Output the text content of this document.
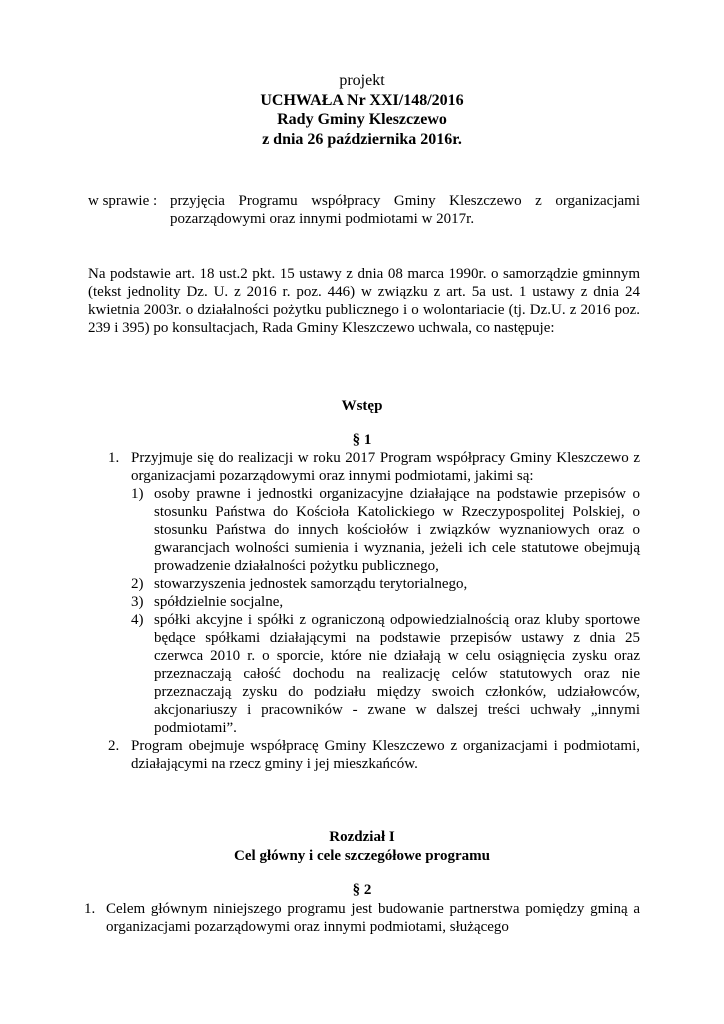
projekt
UCHWAŁA Nr XXI/148/2016
Rady Gminy Kleszczewo
z dnia 26 października 2016r.
w sprawie : przyjęcia Programu współpracy Gminy Kleszczewo z organizacjami pozarządowymi oraz innymi podmiotami w 2017r.
Na podstawie art. 18 ust.2 pkt. 15 ustawy z dnia 08 marca 1990r. o samorządzie gminnym (tekst jednolity Dz. U. z 2016 r. poz. 446) w związku z art. 5a ust. 1 ustawy z dnia 24 kwietnia 2003r. o działalności pożytku publicznego i o wolontariacie (tj. Dz.U. z 2016 poz. 239 i 395) po konsultacjach, Rada Gminy Kleszczewo uchwala, co następuje:
Wstęp
§ 1
1. Przyjmuje się do realizacji w roku 2017 Program współpracy Gminy Kleszczewo z organizacjami pozarządowymi oraz innymi podmiotami, jakimi są:
1) osoby prawne i jednostki organizacyjne działające na podstawie przepisów o stosunku Państwa do Kościoła Katolickiego w Rzeczypospolitej Polskiej, o stosunku Państwa do innych kościołów i związków wyznaniowych oraz o gwarancjach wolności sumienia i wyznania, jeżeli ich cele statutowe obejmują prowadzenie działalności pożytku publicznego,
2) stowarzyszenia jednostek samorządu terytorialnego,
3) spółdzielnie socjalne,
4) spółki akcyjne i spółki z ograniczoną odpowiedzialnością oraz kluby sportowe będące spółkami działającymi na podstawie przepisów ustawy z dnia 25 czerwca 2010 r. o sporcie, które nie działają w celu osiągnięcia zysku oraz przeznaczają całość dochodu na realizację celów statutowych oraz nie przeznaczają zysku do podziału między swoich członków, udziałowców, akcjonariuszy i pracowników - zwane w dalszej treści uchwały „innymi podmiotami”.
2. Program obejmuje współpracę Gminy Kleszczewo z organizacjami i podmiotami, działającymi na rzecz gminy i jej mieszkańców.
Rozdział I
Cel główny i cele szczegółowe programu
§ 2
1. Celem głównym niniejszego programu jest budowanie partnerstwa pomiędzy gminą a organizacjami pozarządowymi oraz innymi podmiotami, służącego
